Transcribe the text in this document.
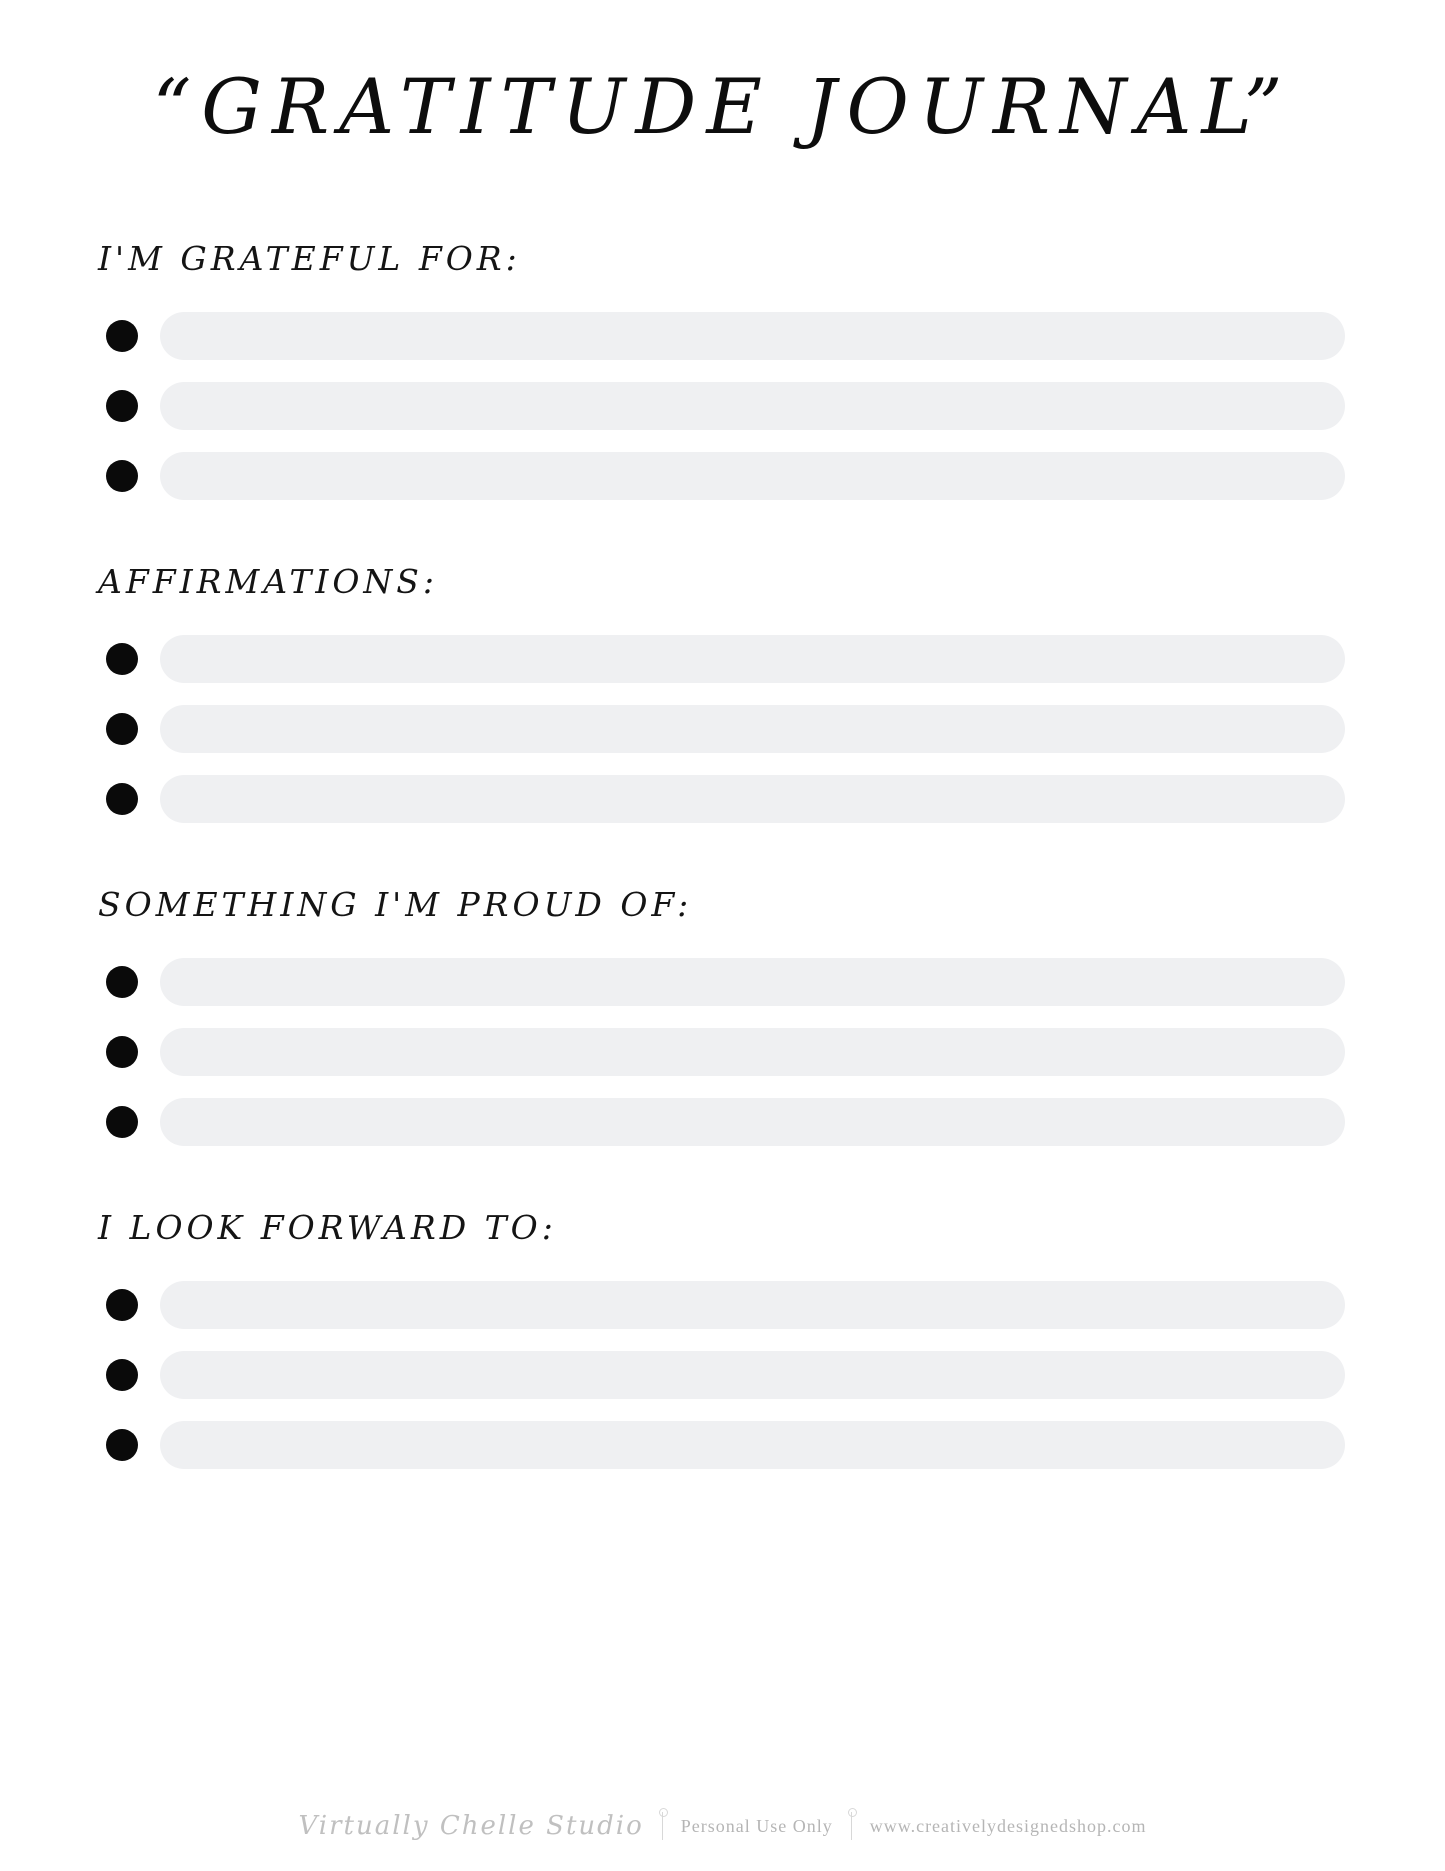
“GRATITUDE JOURNAL”
I'M GRATEFUL FOR:
AFFIRMATIONS:
SOMETHING I'M PROUD OF:
I LOOK FORWARD TO:
Virtually Chelle Studio Personal Use Only www.creativelydesignedshop.com
